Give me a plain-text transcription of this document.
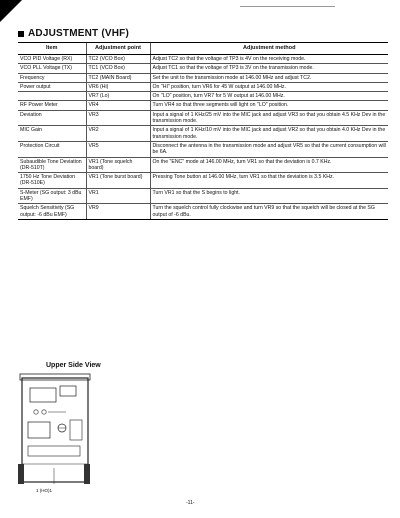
ADJUSTMENT (VHF)
Item	Adjustment point	Adjustment method
VCO PID Voltage (RX)	TC2 (VCO Box)	Adjust TC2 so that the voltage of TP3 is 4V on the receiving mode.
VCO PLL Voltage (TX)	TC1 (VCO Box)	Adjust TC1 so that the voltage of TP3 is 3V on the transmission mode.
Frequency	TC2 (MAIN Board)	Set the unit to the transmission mode at 146.00 MHz and adjust TC2.
Power output	VR6 (Hi)	On "HI" position, turn VR6 for 45 W output at 146.00 MHz.
	VR7 (Lo)	On "LO" position, turn VR7 for 5 W output at 146.00 MHz.
RF Power Meter	VR4	Turn VR4 so that three segments will light on "LO" position.
Deviation	VR3	Input a signal of 1 KHz/25 mV into the MIC jack and adjust VR3 so that you obtain 4.5 KHz Dev in the transmission mode.
MIC Gain	VR2	Input a signal of 1 KHz/10 mV into the MIC jack and adjust VR2 so that you obtain 4.0 KHz Dev in the transmission mode.
Protection Circuit	VR5	Disconnect the antenna in the transmission mode and adjust VR5 so that the current consumption will be 6A.
Subaudible Tone Deviation (DR-510T)	VR1 (Tone squelch board)	On the "ENC" mode at 146.00 MHz, turn VR1 so that the deviation is 0.7 KHz.
1750 Hz Tone Deviation (DR-510E)	VR1 (Tone burst board)	Pressing Tone button at 146.00 MHz, turn VR1 so that the deviation is 3.5 KHz.
S-Meter (SG output: 3 dBu EMF)	VR1	Turn VR1 so that the S begins to light.
Squelch Sensitivity (SG output: -6 dBu EMF)	VR9	Turn the squelch control fully clockwise and turn VR9 so that the squelch will be closed at the SG output of -6 dBu.
Upper Side View
1 (HO)1
-11-
